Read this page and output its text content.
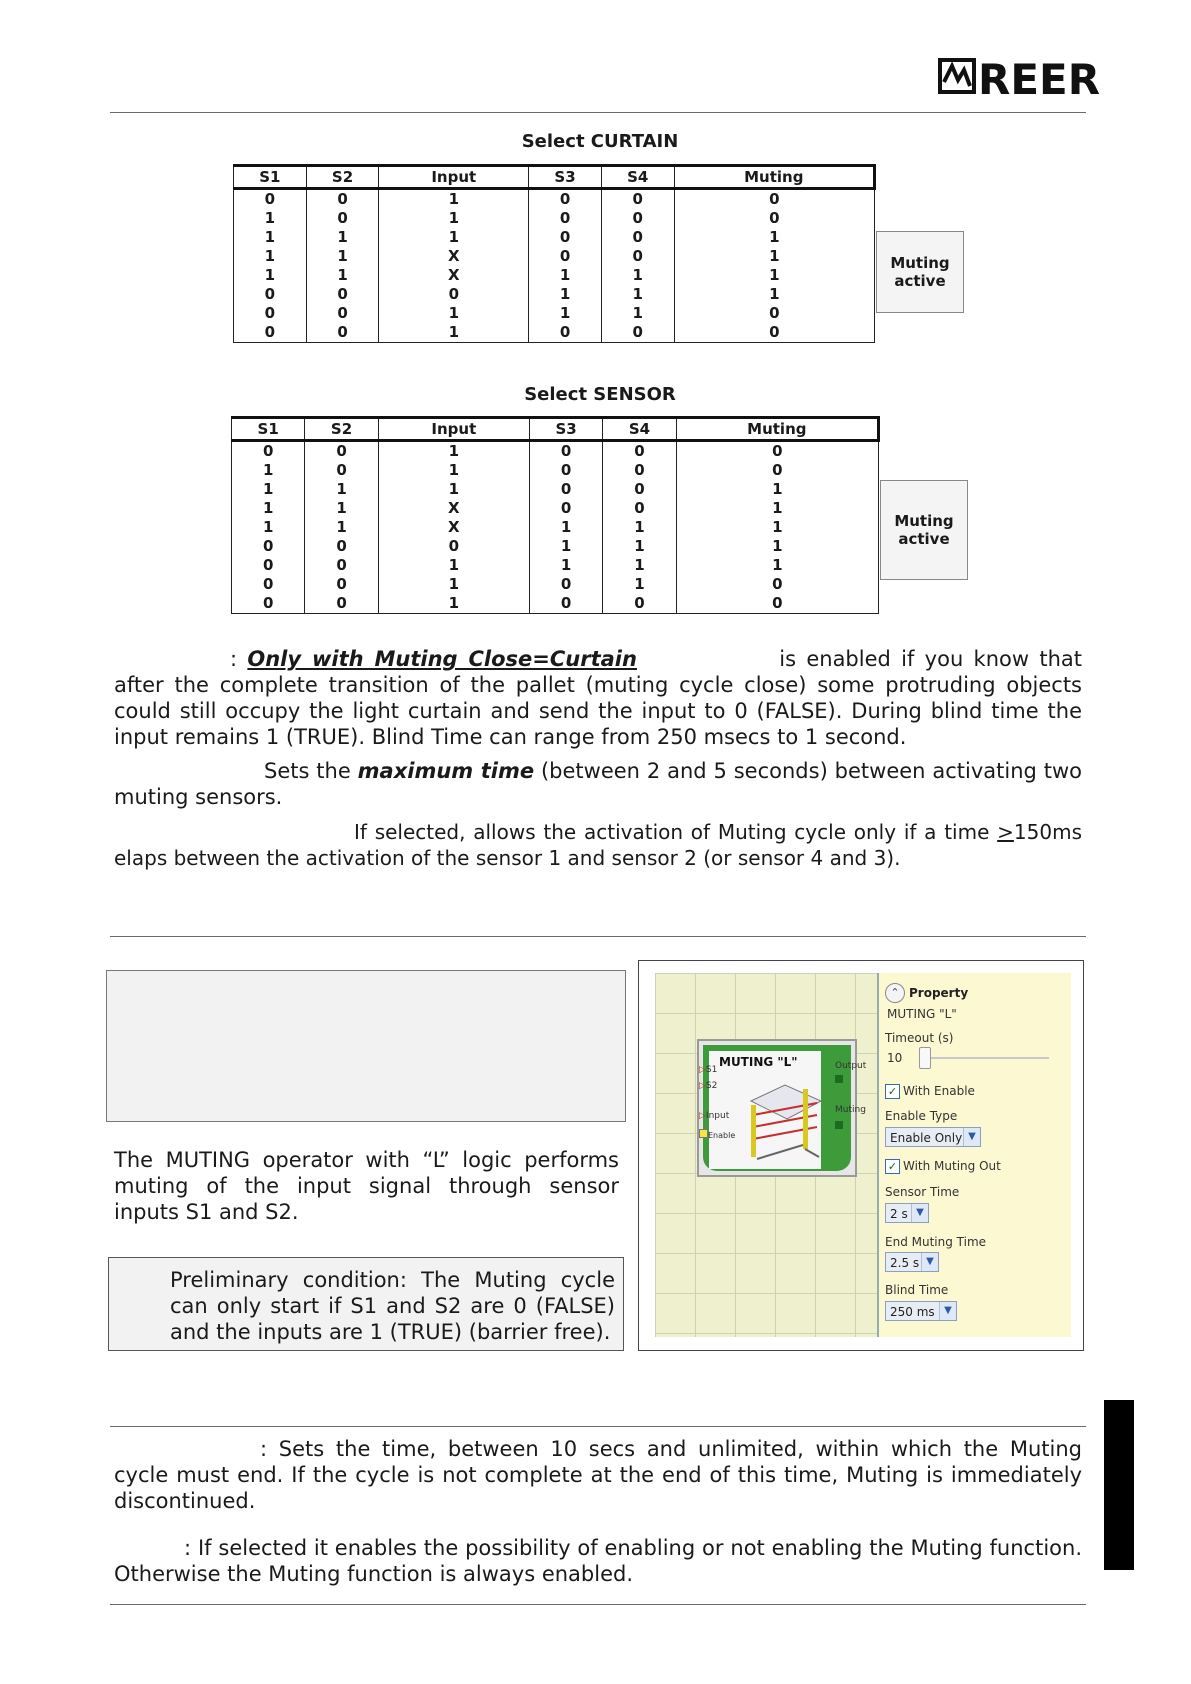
REER
Select CURTAIN
S1	S2	Input	S3	S4	Muting
0	0	1	0	0	0
1	0	1	0	0	0
1	1	1	0	0	1
1	1	X	0	0	1
1	1	X	1	1	1
0	0	0	1	1	1
0	0	1	1	1	0
0	0	1	0	0	0
Muting
active
Select SENSOR
S1	S2	Input	S3	S4	Muting
0	0	1	0	0	0
1	0	1	0	0	0
1	1	1	0	0	1
1	1	X	0	0	1
1	1	X	1	1	1
0	0	0	1	1	1
0	0	1	1	1	1
0	0	1	0	1	0
0	0	1	0	0	0
Muting
active
: Only with Muting Close=Curtain	is enabled if you know that after the complete transition of the pallet (muting cycle close) some protruding objects could still occupy the light curtain and send the input to 0 (FALSE). During blind time the input remains 1 (TRUE). Blind Time can range from 250 msecs to 1 second.
Sets the maximum time (between 2 and 5 seconds) between activating two muting sensors.
If selected, allows the activation of Muting cycle only if a time ≥150ms elaps between the activation of the sensor 1 and sensor 2 (or sensor 4 and 3).
The MUTING operator with “L” logic performs muting of the input signal through sensor inputs S1 and S2.
Preliminary condition: The Muting cycle can only start if S1 and S2 are 0 (FALSE) and the inputs are 1 (TRUE) (barrier free).
MUTING "L"
▷S1
▷S2
▷Input
Enable
Output
Muting
⌃ Property
MUTING "L"
Timeout (s)
10
✓ With Enable
Enable Type
Enable Only ▼
✓ With Muting Out
Sensor Time
2 s ▼
End Muting Time
2.5 s ▼
Blind Time
250 ms ▼
: Sets the time, between 10 secs and unlimited, within which the Muting cycle must end. If the cycle is not complete at the end of this time, Muting is immediately discontinued.
: If selected it enables the possibility of enabling or not enabling the Muting function. Otherwise the Muting function is always enabled.
